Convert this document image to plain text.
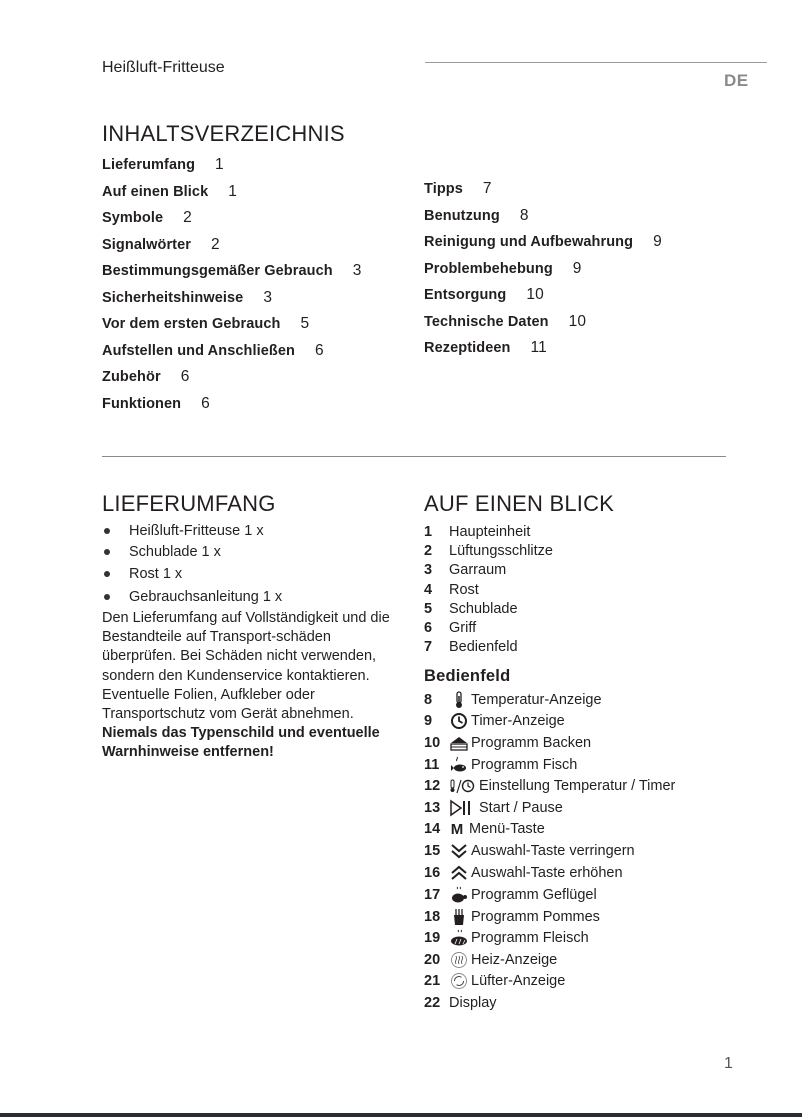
Heißluft-Fritteuse
DE
INHALTSVERZEICHNIS
Lieferumfang 1
Auf einen Blick 1
Symbole 2
Signalwörter 2
Bestimmungsgemäßer Gebrauch 3
Sicherheitshinweise 3
Vor dem ersten Gebrauch 5
Aufstellen und Anschließen 6
Zubehör 6
Funktionen 6
Tipps 7
Benutzung 8
Reinigung und Aufbewahrung 9
Problembehebung 9
Entsorgung 10
Technische Daten 10
Rezeptideen 11
LIEFERUMFANG
Heißluft-Fritteuse 1 x
Schublade 1 x
Rost 1 x
Gebrauchsanleitung 1 x

Den Lieferumfang auf Vollständigkeit und die Bestandteile auf Transport-schäden überprüfen. Bei Schäden nicht verwenden, sondern den Kundenservice kontaktieren.

Eventuelle Folien, Aufkleber oder Transportschutz vom Gerät abnehmen.

Niemals das Typenschild und eventuelle Warnhinweise entfernen!

AUF EINEN BLICK
1	Haupteinheit
2	Lüftungsschlitze
3	Garraum
4	Rost
5	Schublade
6	Griff
7	Bedienfeld
Bedienfeld
8	Temperatur-Anzeige
9	Timer-Anzeige
10	Programm Backen
11	Programm Fisch
12	Einstellung Temperatur / Timer
13	Start / Pause
14 M Menü-Taste
15	Auswahl-Taste verringern
16	Auswahl-Taste erhöhen
17	Programm Geflügel
18	Programm Pommes
19	Programm Fleisch
20	Heiz-Anzeige
21	Lüfter-Anzeige
22 Display
1
